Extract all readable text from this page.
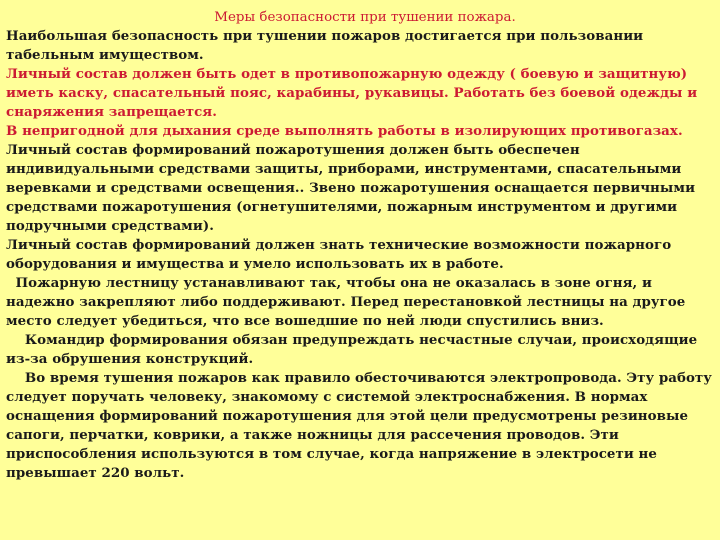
Меры безопасности при тушении пожара.

Наибольшая безопасность при тушении пожаров достигается при пользовании табельным имуществом.

Личный состав должен быть одет в противопожарную одежду ( боевую и защитную) иметь каску, спасательный пояс, карабины, рукавицы. Работать без боевой одежды и снаряжения запрещается.

В непригодной для дыхания среде выполнять работы в изолирующих противогазах.

Личный состав формирований пожаротушения должен быть обеспечен индивидуальными средствами защиты, приборами, инструментами, спасательными веревками и средствами освещения.. Звено пожаротушения оснащается первичными средствами пожаротушения (огнетушителями, пожарным инструментом и другими подручными средствами).

Личный состав формирований должен знать технические возможности пожарного оборудования и имущества и умело использовать их в работе.

Пожарную лестницу устанавливают так, чтобы она не оказалась в зоне огня, и надежно закрепляют либо поддерживают. Перед перестановкой лестницы на другое место следует убедиться, что все вошедшие по ней люди спустились вниз.

Командир формирования обязан предупреждать несчастные случаи, происходящие из-за обрушения конструкций.

Во время тушения пожаров как правило обесточиваются электропровода. Эту работу следует поручать человеку, знакомому с системой электроснабжения. В нормах оснащения формирований пожаротушения для этой цели предусмотрены резиновые сапоги, перчатки, коврики, а также ножницы для рассечения проводов. Эти приспособления используются в том случае, когда напряжение в электросети не превышает 220 вольт.
